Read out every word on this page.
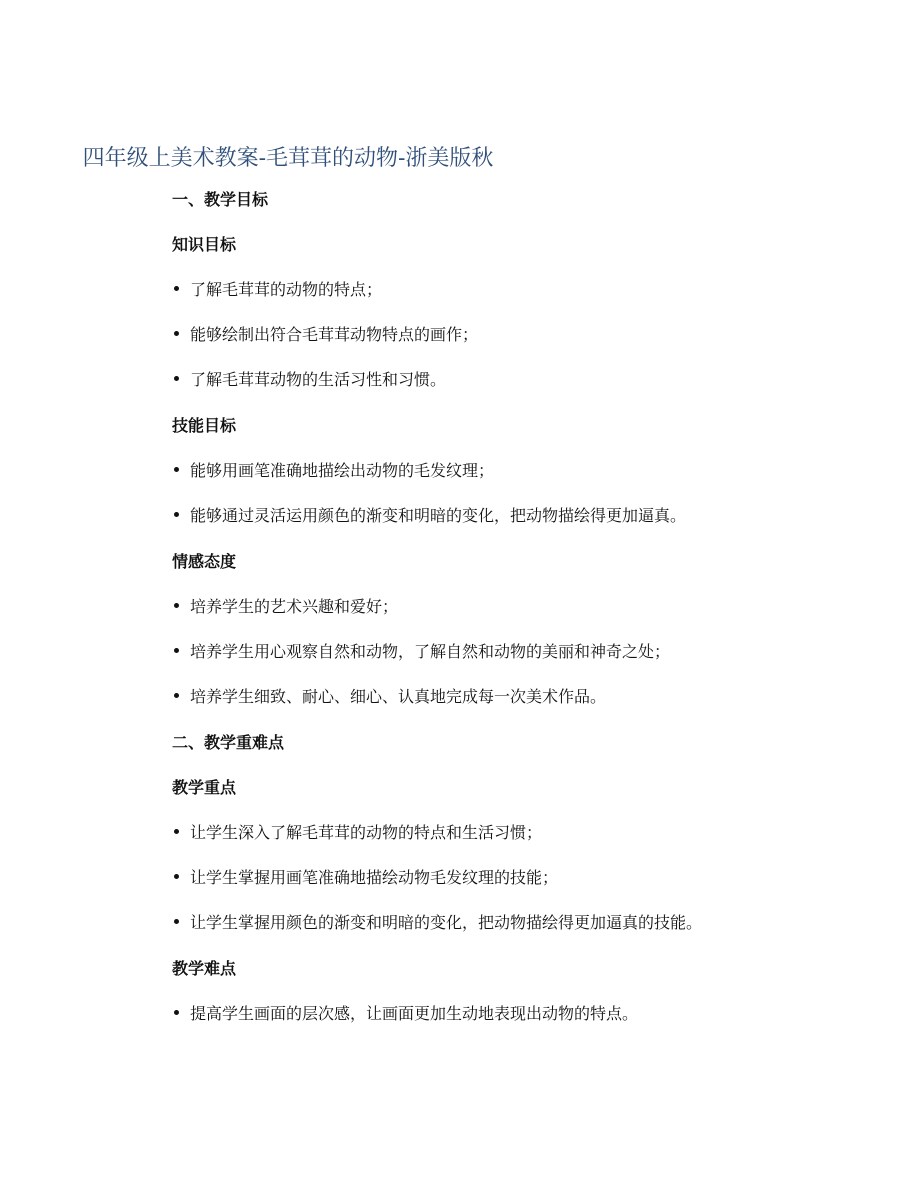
四年级上美术教案-毛茸茸的动物-浙美版秋
一、教学目标
知识目标

了解毛茸茸的动物的特点；

能够绘制出符合毛茸茸动物特点的画作；

了解毛茸茸动物的生活习性和习惯。

技能目标

能够用画笔准确地描绘出动物的毛发纹理；

能够通过灵活运用颜色的渐变和明暗的变化，把动物描绘得更加逼真。

情感态度

培养学生的艺术兴趣和爱好；

培养学生用心观察自然和动物，了解自然和动物的美丽和神奇之处；

培养学生细致、耐心、细心、认真地完成每一次美术作品。

二、教学重难点
教学重点

让学生深入了解毛茸茸的动物的特点和生活习惯；

让学生掌握用画笔准确地描绘动物毛发纹理的技能；

让学生掌握用颜色的渐变和明暗的变化，把动物描绘得更加逼真的技能。

教学难点

提高学生画面的层次感，让画面更加生动地表现出动物的特点。
